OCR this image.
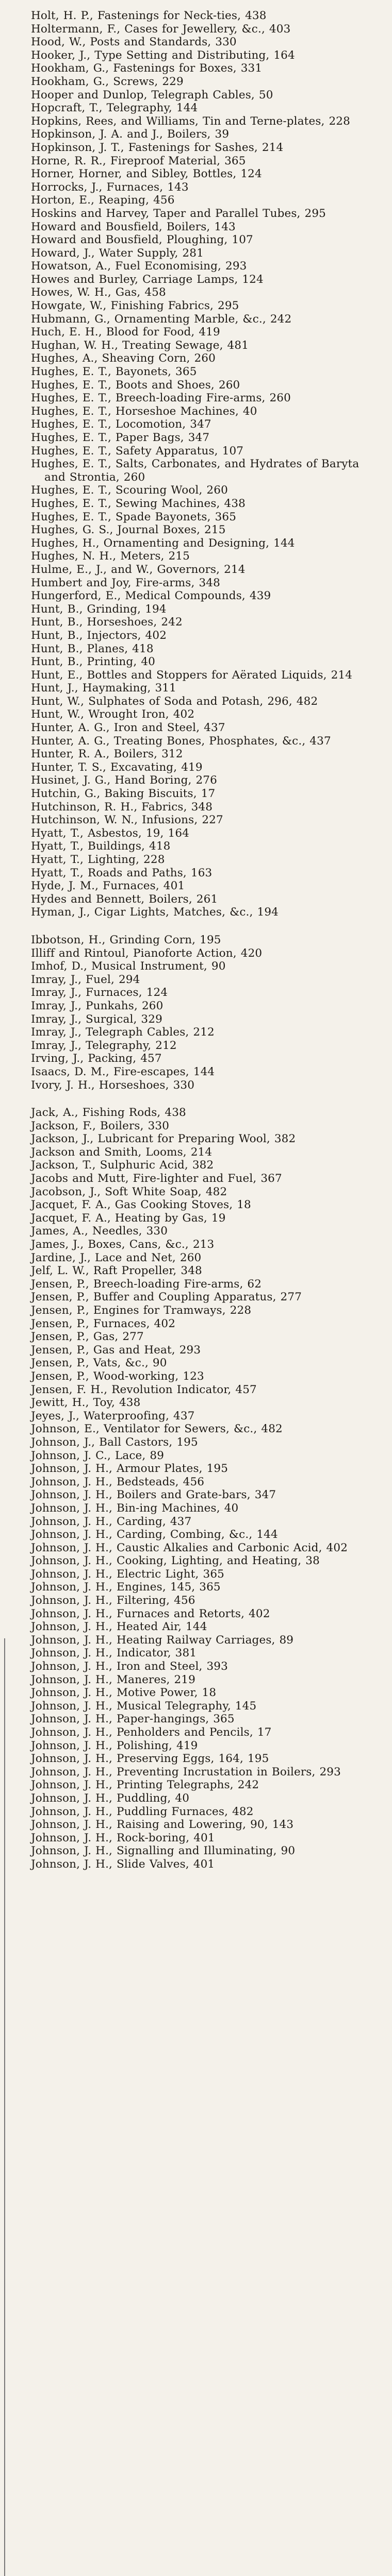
Holt, H. P., Fastenings for Neck-ties, 438
Holtermann, F., Cases for Jewellery, &c., 403
Hood, W., Posts and Standards, 330
Hooker, J., Type Setting and Distributing, 164
Hookham, G., Fastenings for Boxes, 331
Hookham, G., Screws, 229
Hooper and Dunlop, Telegraph Cables, 50
Hopcraft, T., Telegraphy, 144
Hopkins, Rees, and Williams, Tin and Terne-plates, 228
Hopkinson, J. A. and J., Boilers, 39
Hopkinson, J. T., Fastenings for Sashes, 214
Horne, R. R., Fireproof Material, 365
Horner, Horner, and Sibley, Bottles, 124
Horrocks, J., Furnaces, 143
Horton, E., Reaping, 456
Hoskins and Harvey, Taper and Parallel Tubes, 295
Howard and Bousfield, Boilers, 143
Howard and Bousfield, Ploughing, 107
Howard, J., Water Supply, 281
Howatson, A., Fuel Economising, 293
Howes and Burley, Carriage Lamps, 124
Howes, W. H., Gas, 458
Howgate, W., Finishing Fabrics, 295
Hubmann, G., Ornamenting Marble, &c., 242
Huch, E. H., Blood for Food, 419
Hughan, W. H., Treating Sewage, 481
Hughes, A., Sheaving Corn, 260
Hughes, E. T., Bayonets, 365
Hughes, E. T., Boots and Shoes, 260
Hughes, E. T., Breech-loading Fire-arms, 260
Hughes, E. T., Horseshoe Machines, 40
Hughes, E. T., Locomotion, 347
Hughes, E. T., Paper Bags, 347
Hughes, E. T., Safety Apparatus, 107
Hughes, E. T., Salts, Carbonates, and Hydrates of Baryta and Strontia, 260
Hughes, E. T., Scouring Wool, 260
Hughes, E. T., Sewing Machines, 438
Hughes, E. T., Spade Bayonets, 365
Hughes, G. S., Journal Boxes, 215
Hughes, H., Ornamenting and Designing, 144
Hughes, N. H., Meters, 215
Hulme, E., J., and W., Governors, 214
Humbert and Joy, Fire-arms, 348
Hungerford, E., Medical Compounds, 439
Hunt, B., Grinding, 194
Hunt, B., Horseshoes, 242
Hunt, B., Injectors, 402
Hunt, B., Planes, 418
Hunt, B., Printing, 40
Hunt, E., Bottles and Stoppers for Aërated Liquids, 214
Hunt, J., Haymaking, 311
Hunt, W., Sulphates of Soda and Potash, 296, 482
Hunt, W., Wrought Iron, 402
Hunter, A. G., Iron and Steel, 437
Hunter, A. G., Treating Bones, Phosphates, &c., 437
Hunter, R. A., Boilers, 312
Hunter, T. S., Excavating, 419
Husinet, J. G., Hand Boring, 276
Hutchin, G., Baking Biscuits, 17
Hutchinson, R. H., Fabrics, 348
Hutchinson, W. N., Infusions, 227
Hyatt, T., Asbestos, 19, 164
Hyatt, T., Buildings, 418
Hyatt, T., Lighting, 228
Hyatt, T., Roads and Paths, 163
Hyde, J. M., Furnaces, 401
Hydes and Bennett, Boilers, 261
Hyman, J., Cigar Lights, Matches, &c., 194
Ibbotson, H., Grinding Corn, 195
Illiff and Rintoul, Pianoforte Action, 420
Imhof, D., Musical Instrument, 90
Imray, J., Fuel, 294
Imray, J., Furnaces, 124
Imray, J., Punkahs, 260
Imray, J., Surgical, 329
Imray, J., Telegraph Cables, 212
Imray, J., Telegraphy, 212
Irving, J., Packing, 457
Isaacs, D. M., Fire-escapes, 144
Ivory, J. H., Horseshoes, 330
Jack, A., Fishing Rods, 438
Jackson, F., Boilers, 330
Jackson, J., Lubricant for Preparing Wool, 382
Jackson and Smith, Looms, 214
Jackson, T., Sulphuric Acid, 382
Jacobs and Mutt, Fire-lighter and Fuel, 367
Jacobson, J., Soft White Soap, 482
Jacquet, F. A., Gas Cooking Stoves, 18
Jacquet, F. A., Heating by Gas, 19
James, A., Needles, 330
James, J., Boxes, Cans, &c., 213
Jardine, J., Lace and Net, 260
Jelf, L. W., Raft Propeller, 348
Jensen, P., Breech-loading Fire-arms, 62
Jensen, P., Buffer and Coupling Apparatus, 277
Jensen, P., Engines for Tramways, 228
Jensen, P., Furnaces, 402
Jensen, P., Gas, 277
Jensen, P., Gas and Heat, 293
Jensen, P., Vats, &c., 90
Jensen, P., Wood-working, 123
Jensen, F. H., Revolution Indicator, 457
Jewitt, H., Toy, 438
Jeyes, J., Waterproofing, 437
Johnson, E., Ventilator for Sewers, &c., 482
Johnson, J., Ball Castors, 195
Johnson, J. C., Lace, 89
Johnson, J. H., Armour Plates, 195
Johnson, J. H., Bedsteads, 456
Johnson, J. H., Boilers and Grate-bars, 347
Johnson, J. H., Bin-ing Machines, 40
Johnson, J. H., Carding, 437
Johnson, J. H., Carding, Combing, &c., 144
Johnson, J. H., Caustic Alkalies and Carbonic Acid, 402
Johnson, J. H., Cooking, Lighting, and Heating, 38
Johnson, J. H., Electric Light, 365
Johnson, J. H., Engines, 145, 365
Johnson, J. H., Filtering, 456
Johnson, J. H., Furnaces and Retorts, 402
Johnson, J. H., Heated Air, 144
Johnson, J. H., Heating Railway Carriages, 89
Johnson, J. H., Indicator, 381
Johnson, J. H., Iron and Steel, 393
Johnson, J. H., Maneres, 219
Johnson, J. H., Motive Power, 18
Johnson, J. H., Musical Telegraphy, 145
Johnson, J. H., Paper-hangings, 365
Johnson, J. H., Penholders and Pencils, 17
Johnson, J. H., Polishing, 419
Johnson, J. H., Preserving Eggs, 164, 195
Johnson, J. H., Preventing Incrustation in Boilers, 293
Johnson, J. H., Printing Telegraphs, 242
Johnson, J. H., Puddling, 40
Johnson, J. H., Puddling Furnaces, 482
Johnson, J. H., Raising and Lowering, 90, 143
Johnson, J. H., Rock-boring, 401
Johnson, J. H., Signalling and Illuminating, 90
Johnson, J. H., Slide Valves, 401
